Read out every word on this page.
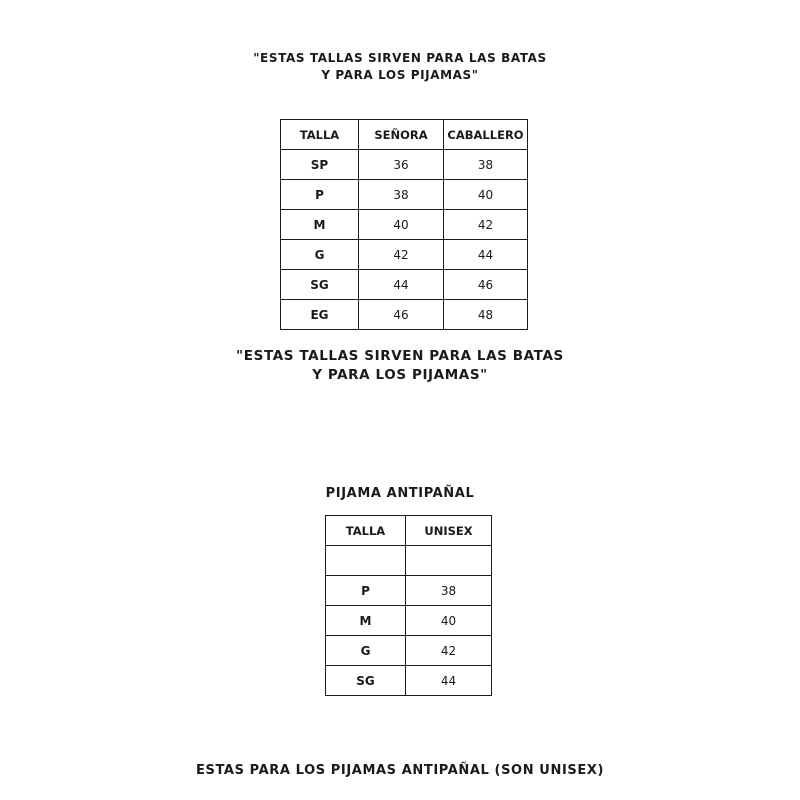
"ESTAS TALLAS SIRVEN PARA LAS BATAS
Y PARA LOS PIJAMAS"
TALLA	SEÑORA	CABALLERO
SP	36	38
P	38	40
M	40	42
G	42	44
SG	44	46
EG	46	48
"ESTAS TALLAS SIRVEN PARA LAS BATAS
Y PARA LOS PIJAMAS"
PIJAMA ANTIPAÑAL
TALLA	UNISEX

P	38
M	40
G	42
SG	44
ESTAS PARA LOS PIJAMAS ANTIPAÑAL (SON UNISEX)
